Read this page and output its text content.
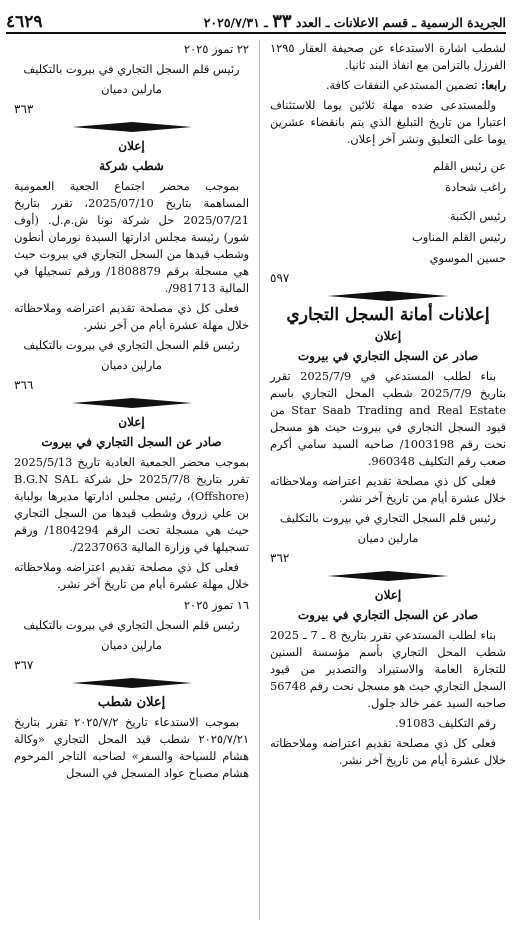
الجريدة الرسمية ـ قسم الاعلانات ـ العدد ٣٣ ـ ٢٠٢٥/٧/٣١
٤٦٢٩

لشطب اشارة الاستدعاء عن صحيفة العقار ١٢٩٥ الفرزل بالتزامن مع انفاذ البند ثانيا.

رابعا: تضمين المستدعي النفقات كافة.

وللمستدعى ضده مهلة ثلاثين يوما للاستئناف اعتبارا من تاريخ التبليغ الذي يتم بانقضاء عشرين يوما على التعليق ونشر آخر إعلان.

عن رئيس القلم

راغب شحادة

رئيس الكتبة

رئيس القلم المناوب

حسين الموسوي

٥٩٧

إعلانات أمانة السجل التجاري

إعلان

صادر عن السجل التجاري في بيروت

بناء لطلب المستدعي في 2025/7/9 تقرر بتاريخ 2025/7/9 شطب المحل التجاري باسم Star Saab Trading and Real Estate من قيود السجل التجاري في بيروت حيث هو مسجل نحت رقم 1003198/ صاحبه السيد سامي أكرم صعب رقم التكليف 960348.

فعلى كل ذي مصلحة تقديم اعتراضه وملاحظاته خلال عشرة أيام من تاريخ آخر نشر.

رئيس قلم السجل التجاري في بيروت بالتكليف

مارلين دميان

٣٦٢

إعلان

صادر عن السجل التجاري في بيروت

بناء لطلب المستدعي تقرر بتاريخ 8 ـ 7 ـ 2025 شطب المحل التجاري بأسم مؤسسة السنين للتجارة العامة والاستيراد والتصدير من قيود السجل التجاري حيث هو مسجل نحت رقم 56748 صاحبه السيد عمر خالد جلول.

رقم التكليف 91083.

فعلى كل ذي مصلحة تقديم اعتراضه وملاحظاته خلال عشرة أيام من تاريخ آخر نشر.

٢٢ تموز ٢٠٢٥

رئيس قلم السجل التجاري في بيروت بالتكليف

مارلين دميان

٣٦٣

إعلان

شطب شركة

بموجب محضر اجتماع الجعية العمومية المساهمة بتاريخ 2025/07/10، تقرر بتاريخ 2025/07/21 حل شركة نونا ش.م.ل. (أوف شور) رئيسة مجلس ادارتها السيدة نورمان أنطون وشطب قيدها من السجل التجاري في بيروت حيث هي مسجلة برقم 1808879/ ورقم تسجيلها في المالية 981713/.

فعلى كل ذي مصلحة تقديم اعتراضه وملاحظاته خلال مهلة عشرة أيام من آخر نشر.

رئيس قلم السجل التجاري في بيروت بالتكليف

مارلين دميان

٣٦٦

إعلان

صادر عن السجل التجاري في بيروت

بموجب محضر الجمعية العادية تاريخ 2025/5/13 تقرر بتاريخ 2025/7/8 حل شركة B.G.N SAL (Offshore)، رئيس مجلس ادارتها مديرها بولباية بن علي زروق وشطب قيدها من السجل التجاري حيث هي مسجلة تحت الرقم 1804294/ ورقم تسجيلها في وزارة المالية 2237063/.

فعلى كل ذي مصلحة تقديم اعتراضه وملاحظاته خلال مهلة عشرة أيام من تاريخ آخر نشر.

١٦ تموز ٢٠٢٥

رئيس قلم السجل التجاري في بيروت بالتكليف

مارلين دميان

٣٦٧

إعلان شطب

بموجب الاستدعاء تاريخ ٢٠٢٥/٧/٢ تقرر بتاريخ ٢٠٢٥/٧/٢١ شطب قيد المحل التجاري «وكالة هشام للسياحة والسفر» لصاحبه التاجر المرحوم هشام مصباح عواد المسجل في السجل
